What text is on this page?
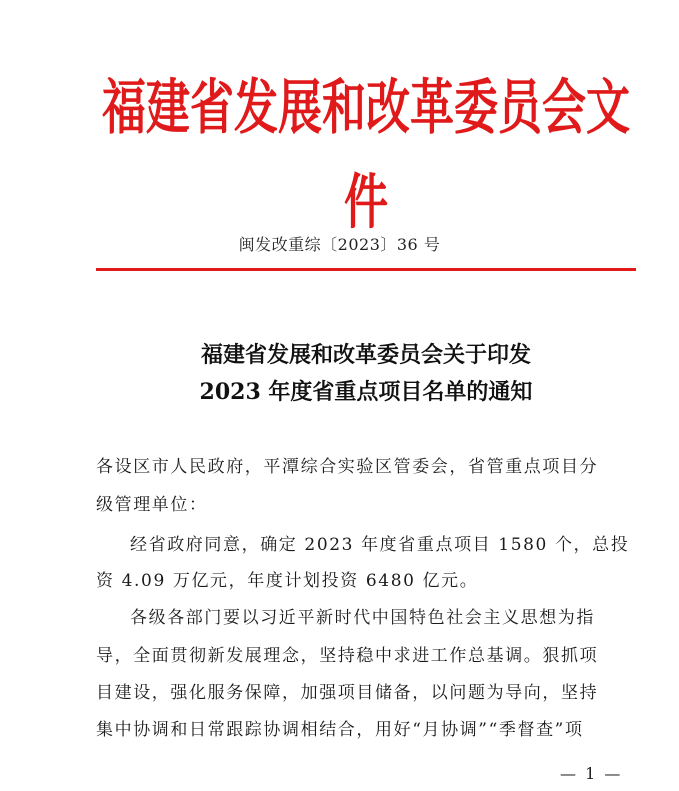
福建省发展和改革委员会文件
闽发改重综〔2023〕36 号
福建省发展和改革委员会关于印发
2023 年度省重点项目名单的通知
各设区市人民政府，平潭综合实验区管委会，省管重点项目分
级管理单位：
经省政府同意，确定 2023 年度省重点项目 1580 个，总投
资 4.09 万亿元，年度计划投资 6480 亿元。
各级各部门要以习近平新时代中国特色社会主义思想为指
导，全面贯彻新发展理念，坚持稳中求进工作总基调。狠抓项
目建设，强化服务保障，加强项目储备，以问题为导向，坚持
集中协调和日常跟踪协调相结合，用好“月协调”“季督查”项
— 1 —
